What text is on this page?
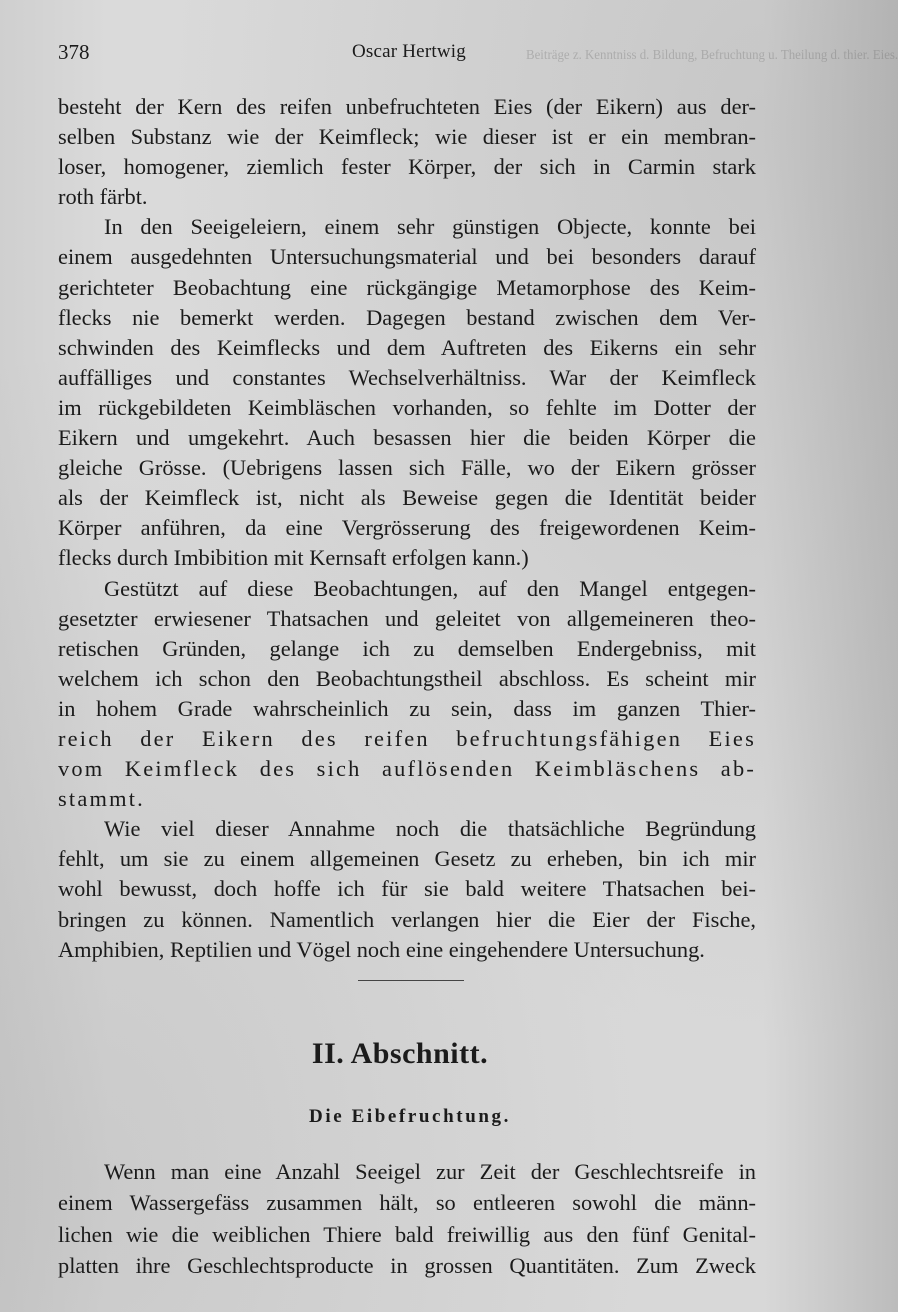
378	Oscar Hertwig	Beiträge z. Kenntniss d. Bildung, Befruchtung u. Theilung d. thier. Eies.
besteht der Kern des reifen unbefruchteten Eies (der Eikern) aus der-
selben Substanz wie der Keimfleck; wie dieser ist er ein membran-
loser, homogener, ziemlich fester Körper, der sich in Carmin stark
roth färbt.
In den Seeigeleiern, einem sehr günstigen Objecte, konnte bei
einem ausgedehnten Untersuchungsmaterial und bei besonders darauf
gerichteter Beobachtung eine rückgängige Metamorphose des Keim-
flecks nie bemerkt werden. Dagegen bestand zwischen dem Ver-
schwinden des Keimflecks und dem Auftreten des Eikerns ein sehr
auffälliges und constantes Wechselverhältniss. War der Keimfleck
im rückgebildeten Keimbläschen vorhanden, so fehlte im Dotter der
Eikern und umgekehrt. Auch besassen hier die beiden Körper die
gleiche Grösse. (Uebrigens lassen sich Fälle, wo der Eikern grösser
als der Keimfleck ist, nicht als Beweise gegen die Identität beider
Körper anführen, da eine Vergrösserung des freigewordenen Keim-
flecks durch Imbibition mit Kernsaft erfolgen kann.)
Gestützt auf diese Beobachtungen, auf den Mangel entgegen-
gesetzter erwiesener Thatsachen und geleitet von allgemeineren theo-
retischen Gründen, gelange ich zu demselben Endergebniss, mit
welchem ich schon den Beobachtungstheil abschloss. Es scheint mir
in hohem Grade wahrscheinlich zu sein, dass im ganzen Thier-
reich der Eikern des reifen befruchtungsfähigen Eies
vom Keimfleck des sich auflösenden Keimbläschens ab-
stammt.
Wie viel dieser Annahme noch die thatsächliche Begründung
fehlt, um sie zu einem allgemeinen Gesetz zu erheben, bin ich mir
wohl bewusst, doch hoffe ich für sie bald weitere Thatsachen bei-
bringen zu können. Namentlich verlangen hier die Eier der Fische,
Amphibien, Reptilien und Vögel noch eine eingehendere Untersuchung.
II. Abschnitt.
Die Eibefruchtung.
Wenn man eine Anzahl Seeigel zur Zeit der Geschlechtsreife in
einem Wassergefäss zusammen hält, so entleeren sowohl die männ-
lichen wie die weiblichen Thiere bald freiwillig aus den fünf Genital-
platten ihre Geschlechtsproducte in grossen Quantitäten. Zum Zweck
